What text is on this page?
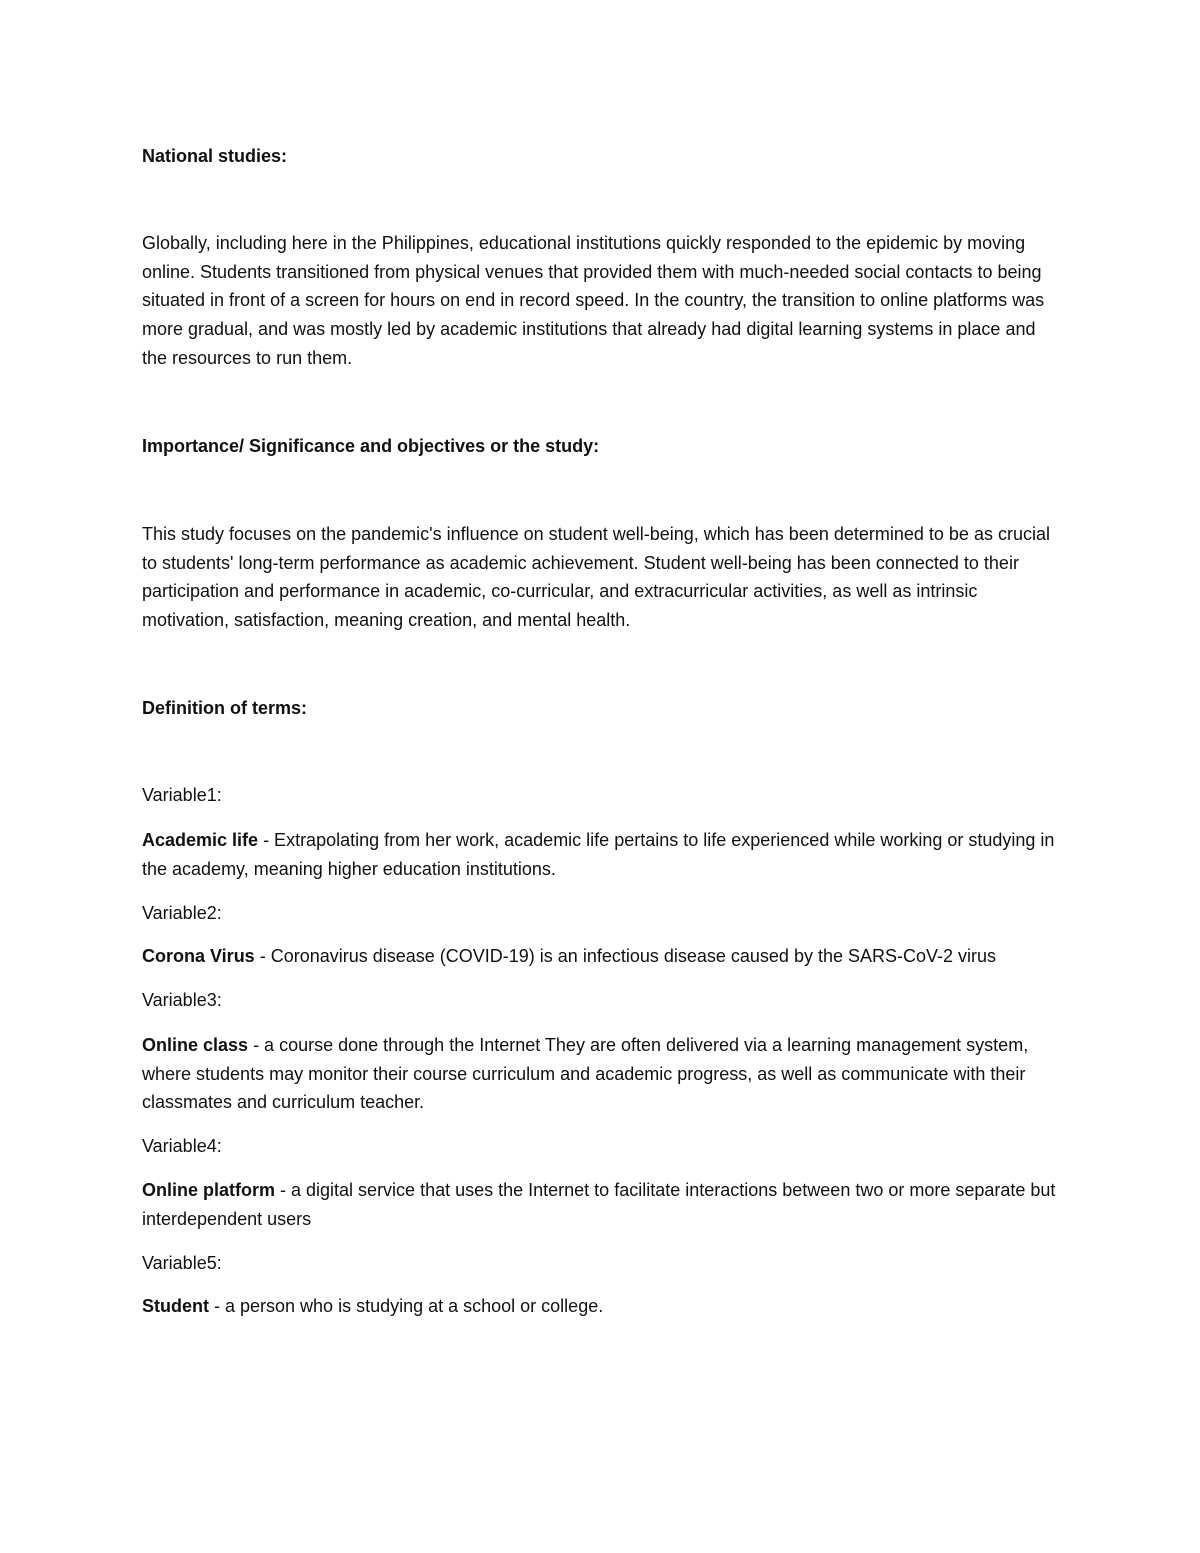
National studies:

Globally, including here in the Philippines, educational institutions quickly responded to the epidemic by moving online. Students transitioned from physical venues that provided them with much-needed social contacts to being situated in front of a screen for hours on end in record speed. In the country, the transition to online platforms was more gradual, and was mostly led by academic institutions that already had digital learning systems in place and the resources to run them.

Importance/ Significance and objectives or the study:

This study focuses on the pandemic's influence on student well-being, which has been determined to be as crucial to students' long-term performance as academic achievement. Student well-being has been connected to their participation and performance in academic, co-curricular, and extracurricular activities, as well as intrinsic motivation, satisfaction, meaning creation, and mental health.

Definition of terms:

Variable1:

Academic life - Extrapolating from her work, academic life pertains to life experienced while working or studying in the academy, meaning higher education institutions.

Variable2:

Corona Virus - Coronavirus disease (COVID-19) is an infectious disease caused by the SARS-CoV-2 virus

Variable3:

Online class - a course done through the Internet They are often delivered via a learning management system, where students may monitor their course curriculum and academic progress, as well as communicate with their classmates and curriculum teacher.

Variable4:

Online platform - a digital service that uses the Internet to facilitate interactions between two or more separate but interdependent users

Variable5:

Student - a person who is studying at a school or college.
